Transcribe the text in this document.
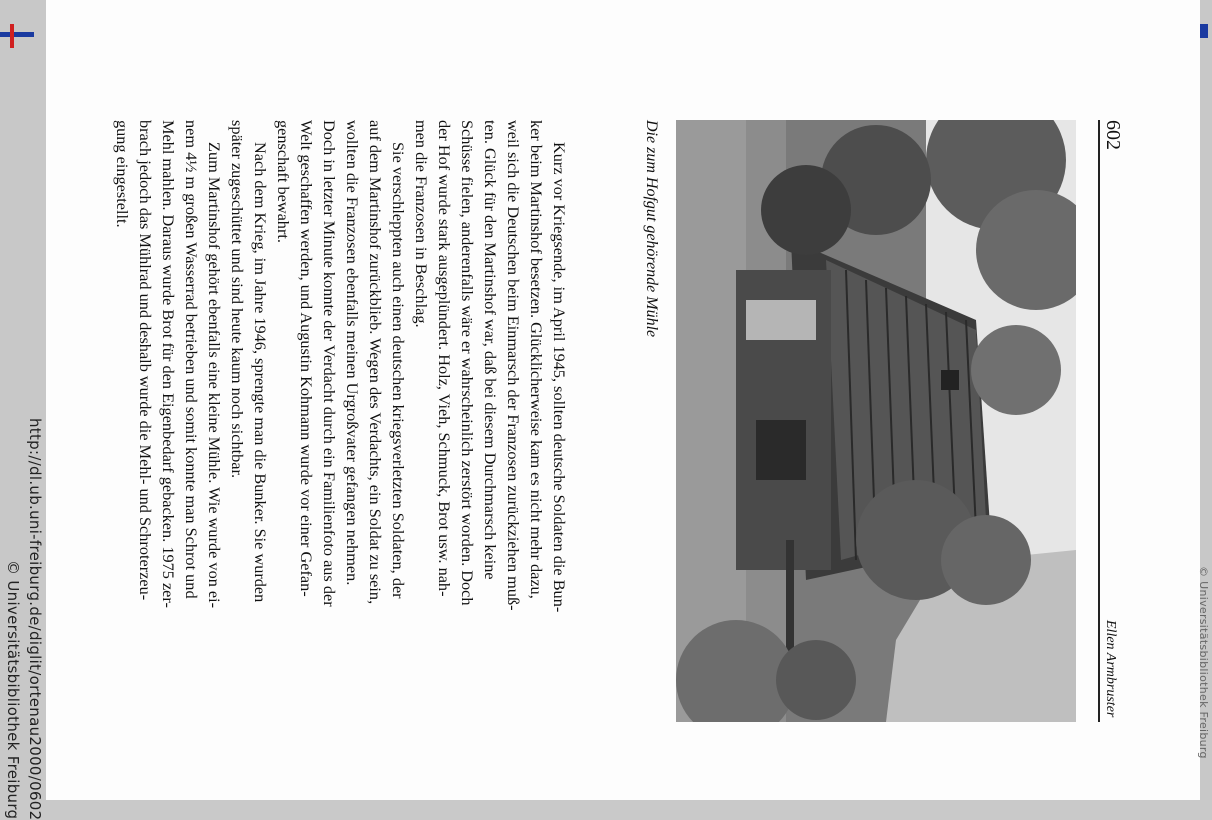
http://dl.ub.uni-freiburg.de/diglit/ortenau2000/0602
© Universitätsbibliothek Freiburg
602
Ellen Armbruster	© Universitätsbibliothek Freiburg
Die zum Hofgut gehörende Mühle
Kurz vor Kriegsende, im April 1945, sollten deutsche Soldaten die Bun-
ker beim Martinshof besetzen. Glücklicherweise kam es nicht mehr dazu,
weil sich die Deutschen beim Einmarsch der Franzosen zurückziehen muß-
ten. Glück für den Martinshof war, daß bei diesem Durchmarsch keine
Schüsse fielen, anderenfalls wäre er wahrscheinlich zerstört worden. Doch
der Hof wurde stark ausgeplündert. Holz, Vieh, Schmuck, Brot usw. nah-
men die Franzosen in Beschlag.
Sie verschleppten auch einen deutschen kriegsverletzten Soldaten, der
auf dem Martinshof zurückblieb. Wegen des Verdachts, ein Soldat zu sein,
wollten die Franzosen ebenfalls meinen Urgroßvater gefangen nehmen.
Doch in letzter Minute konnte der Verdacht durch ein Familienfoto aus der
Welt geschaffen werden, und Augustin Kohmann wurde vor einer Gefan-
genschaft bewahrt.
Nach dem Krieg, im Jahre 1946, sprengte man die Bunker. Sie wurden
später zugeschüttet und sind heute kaum noch sichtbar.
Zum Martinshof gehört ebenfalls eine kleine Mühle. Wie wurde von ei-
nem 4½ m großen Wasserrad betrieben und somit konnte man Schrot und
Mehl mahlen. Daraus wurde Brot für den Eigenbedarf gebacken. 1975 zer-
brach jedoch das Mühlrad und deshalb wurde die Mehl- und Schroterzeu-
gung eingestellt.
